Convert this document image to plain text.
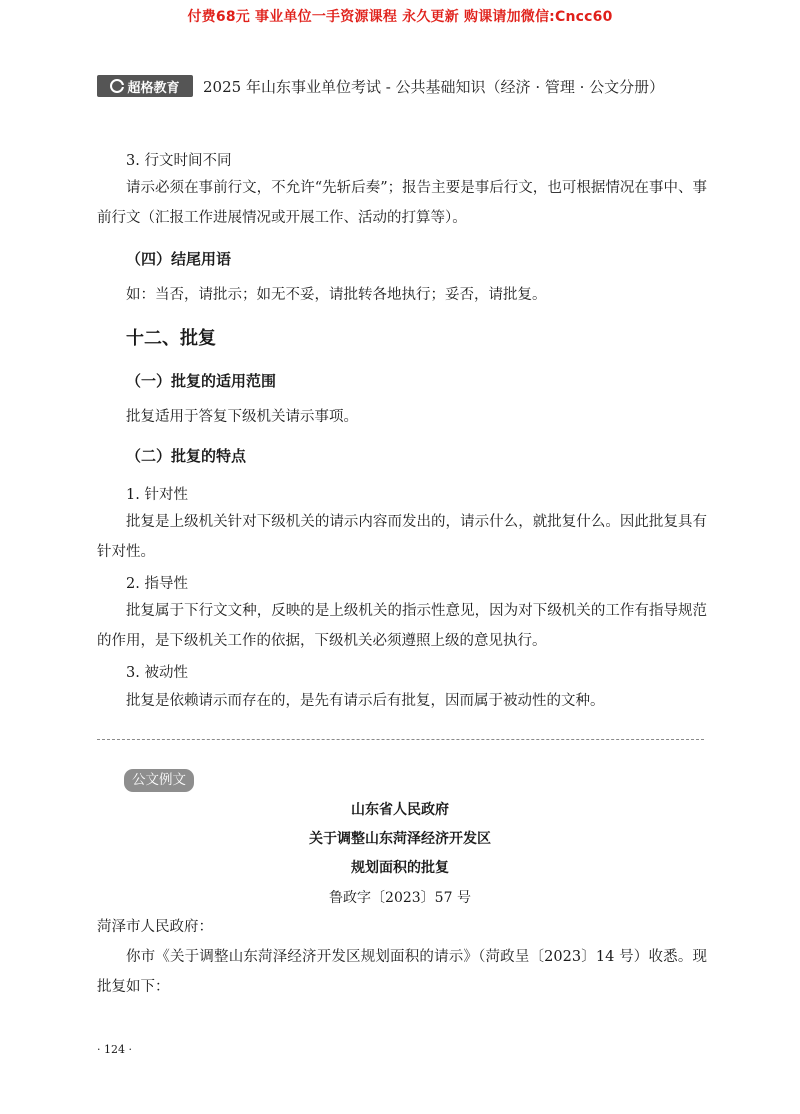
付费68元 事业单位一手资源课程 永久更新 购课请加微信:Cncc60
超格教育 2025 年山东事业单位考试 - 公共基础知识（经济 · 管理 · 公文分册）
3. 行文时间不同

请示必须在事前行文，不允许“先斩后奏”；报告主要是事后行文，也可根据情况在事中、事前行文（汇报工作进展情况或开展工作、活动的打算等）。

（四）结尾用语

如：当否，请批示；如无不妥，请批转各地执行；妥否，请批复。

十二、批复
（一）批复的适用范围

批复适用于答复下级机关请示事项。

（二）批复的特点
1. 针对性

批复是上级机关针对下级机关的请示内容而发出的，请示什么，就批复什么。因此批复具有针对性。

2. 指导性

批复属于下行文文种，反映的是上级机关的指示性意见，因为对下级机关的工作有指导规范的作用，是下级机关工作的依据，下级机关必须遵照上级的意见执行。

3. 被动性

批复是依赖请示而存在的，是先有请示后有批复，因而属于被动性的文种。

公文例文
山东省人民政府
关于调整山东菏泽经济开发区
规划面积的批复
鲁政字〔2023〕57 号

菏泽市人民政府：

你市《关于调整山东菏泽经济开发区规划面积的请示》（菏政呈〔2023〕14 号）收悉。现批复如下：

· 124 ·
